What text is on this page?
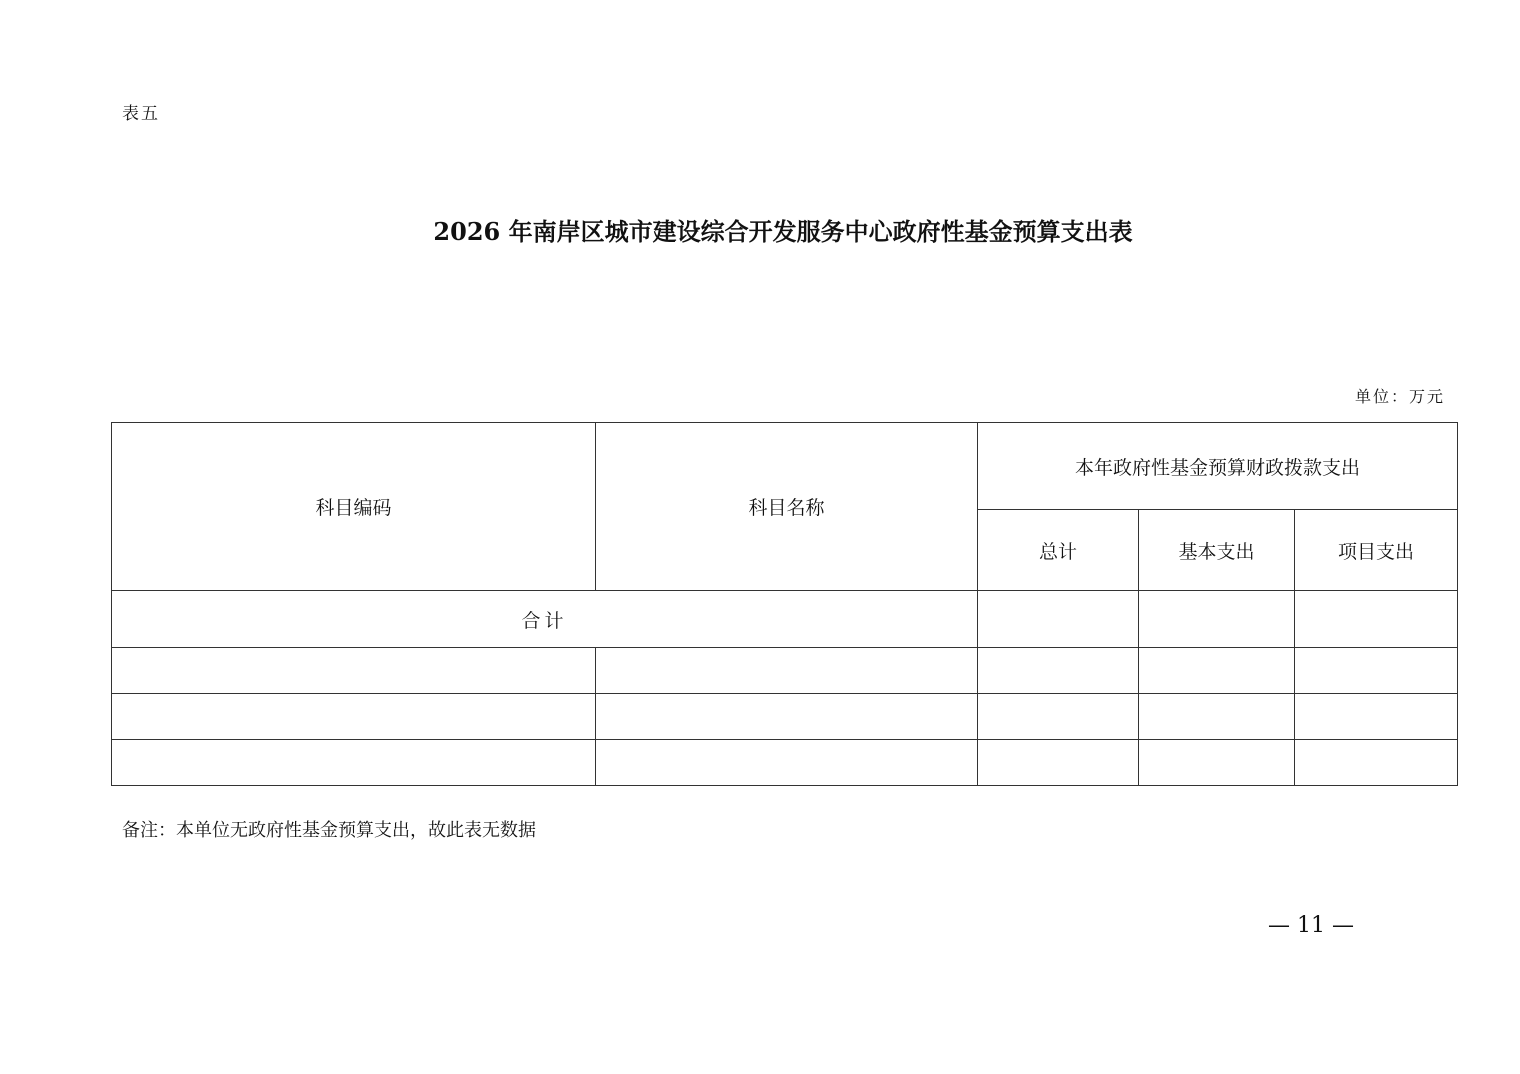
表五
2026 年南岸区城市建设综合开发服务中心政府性基金预算支出表
单位：万元
科目编码	科目名称	本年政府性基金预算财政拨款支出		
		总计	基本支出	项目支出
合计				

备注：本单位无政府性基金预算支出，故此表无数据
— 11 —
